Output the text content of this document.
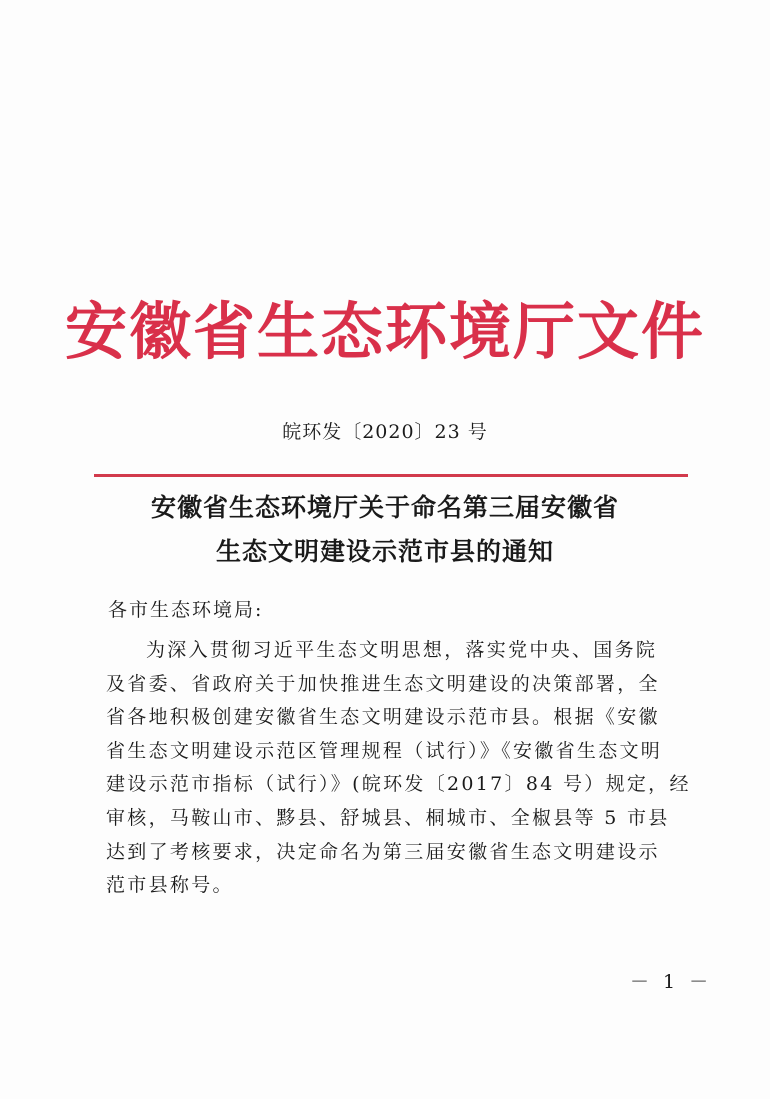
安徽省生态环境厅文件
皖环发〔2020〕23 号
安徽省生态环境厅关于命名第三届安徽省
生态文明建设示范市县的通知
各市生态环境局:
为深入贯彻习近平生态文明思想，落实党中央、国务院
及省委、省政府关于加快推进生态文明建设的决策部署，全
省各地积极创建安徽省生态文明建设示范市县。根据《安徽
省生态文明建设示范区管理规程（试行）》《安徽省生态文明
建设示范市指标（试行）》(皖环发〔2017〕84 号）规定，经
审核，马鞍山市、黟县、舒城县、桐城市、全椒县等 5 市县
达到了考核要求，决定命名为第三届安徽省生态文明建设示
范市县称号。
－ 1 －
